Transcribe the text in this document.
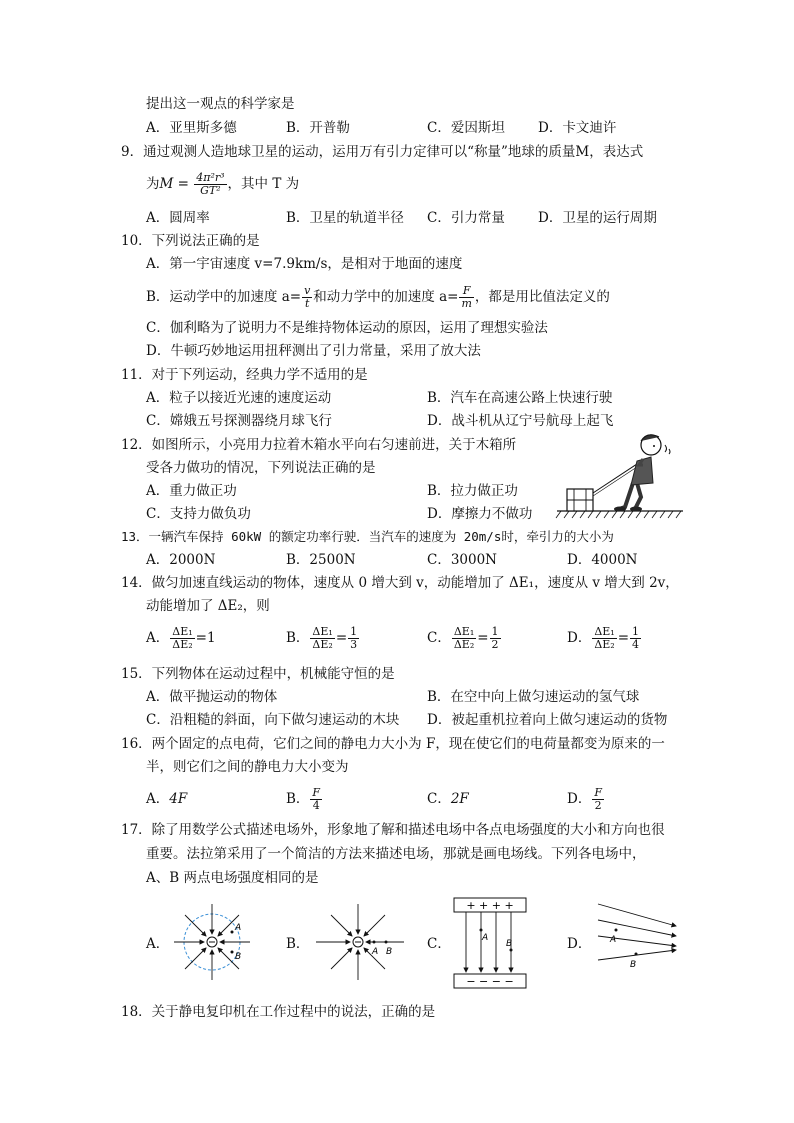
提出这一观点的科学家是
A．亚里斯多德	B．开普勒	C．爱因斯坦 D．卡文迪许
9．通过观测人造地球卫星的运动，运用万有引力定律可以“称量”地球的质量M，表达式
为$M = \frac{\text{4π²r³}}{\text{GT²}}$ ，其中 T 为
A．圆周率	B．卫星的轨道半径 C．引力常量 D．卫星的运行周期
10．下列说法正确的是
A．第一宇宙速度 v=7.9km/s，是相对于地面的速度
B．运动学中的加速度 $a= \frac{v}{t}$ 和动力学中的加速度 $a= \frac{F}{m}$ ，都是用比值法定义的
C．伽利略为了说明力不是维持物体运动的原因，运用了理想实验法
D．牛顿巧妙地运用扭秤测出了引力常量，采用了放大法
11．对于下列运动，经典力学不适用的是
A．粒子以接近光速的速度运动	B．汽车在高速公路上快速行驶
C．嫦娥五号探测器绕月球飞行	D．战斗机从辽宁号航母上起飞
12．如图所示，小亮用力拉着木箱水平向右匀速前进，关于木箱所
受各力做功的情况，下列说法正确的是
A．重力做正功	B．拉力做正功
C．支持力做负功	D．摩擦力不做功
13．一辆汽车保持 60kW 的额定功率行驶．当汽车的速度为 20m/s时，牵引力的大小为
A．2000N	B．2500N	C．3000N	D．4000N
14．做匀加速直线运动的物体，速度从 0 增大到 v，动能增加了 ΔE₁，速度从 v 增大到 2v，
动能增加了 ΔE₂，则
A． $\frac{\text{ΔE₁}}{\text{ΔE₂}} =1$	B． $\frac{\text{ΔE₁}}{\text{ΔE₂}} = \frac{1}{3}$	C． $\frac{\text{ΔE₁}}{\text{ΔE₂}} = \frac{1}{2}$	D． $\frac{\text{ΔE₁}}{\text{ΔE₂}} = \frac{1}{4}$
15．下列物体在运动过程中，机械能守恒的是
A．做平抛运动的物体	B．在空中向上做匀速运动的氢气球
C．沿粗糙的斜面，向下做匀速运动的木块 D．被起重机拉着向上做匀速运动的货物
16．两个固定的点电荷，它们之间的静电力大小为 F，现在使它们的电荷量都变为原来的一
半，则它们之间的静电力大小变为
A．4F	B． $\frac{F}{4}$	C．2F	D． $\frac{F}{2}$
17．除了用数学公式描述电场外，形象地了解和描述电场中各点电场强度的大小和方向也很
重要。法拉第采用了一个简洁的方法来描述电场，那就是画电场线。下列各电场中，
A、B 两点电场强度相同的是
A．	B．	C．	D．
A
B	A B
+ + + +
− − − −
A
B	A
B
18．关于静电复印机在工作过程中的说法，正确的是
